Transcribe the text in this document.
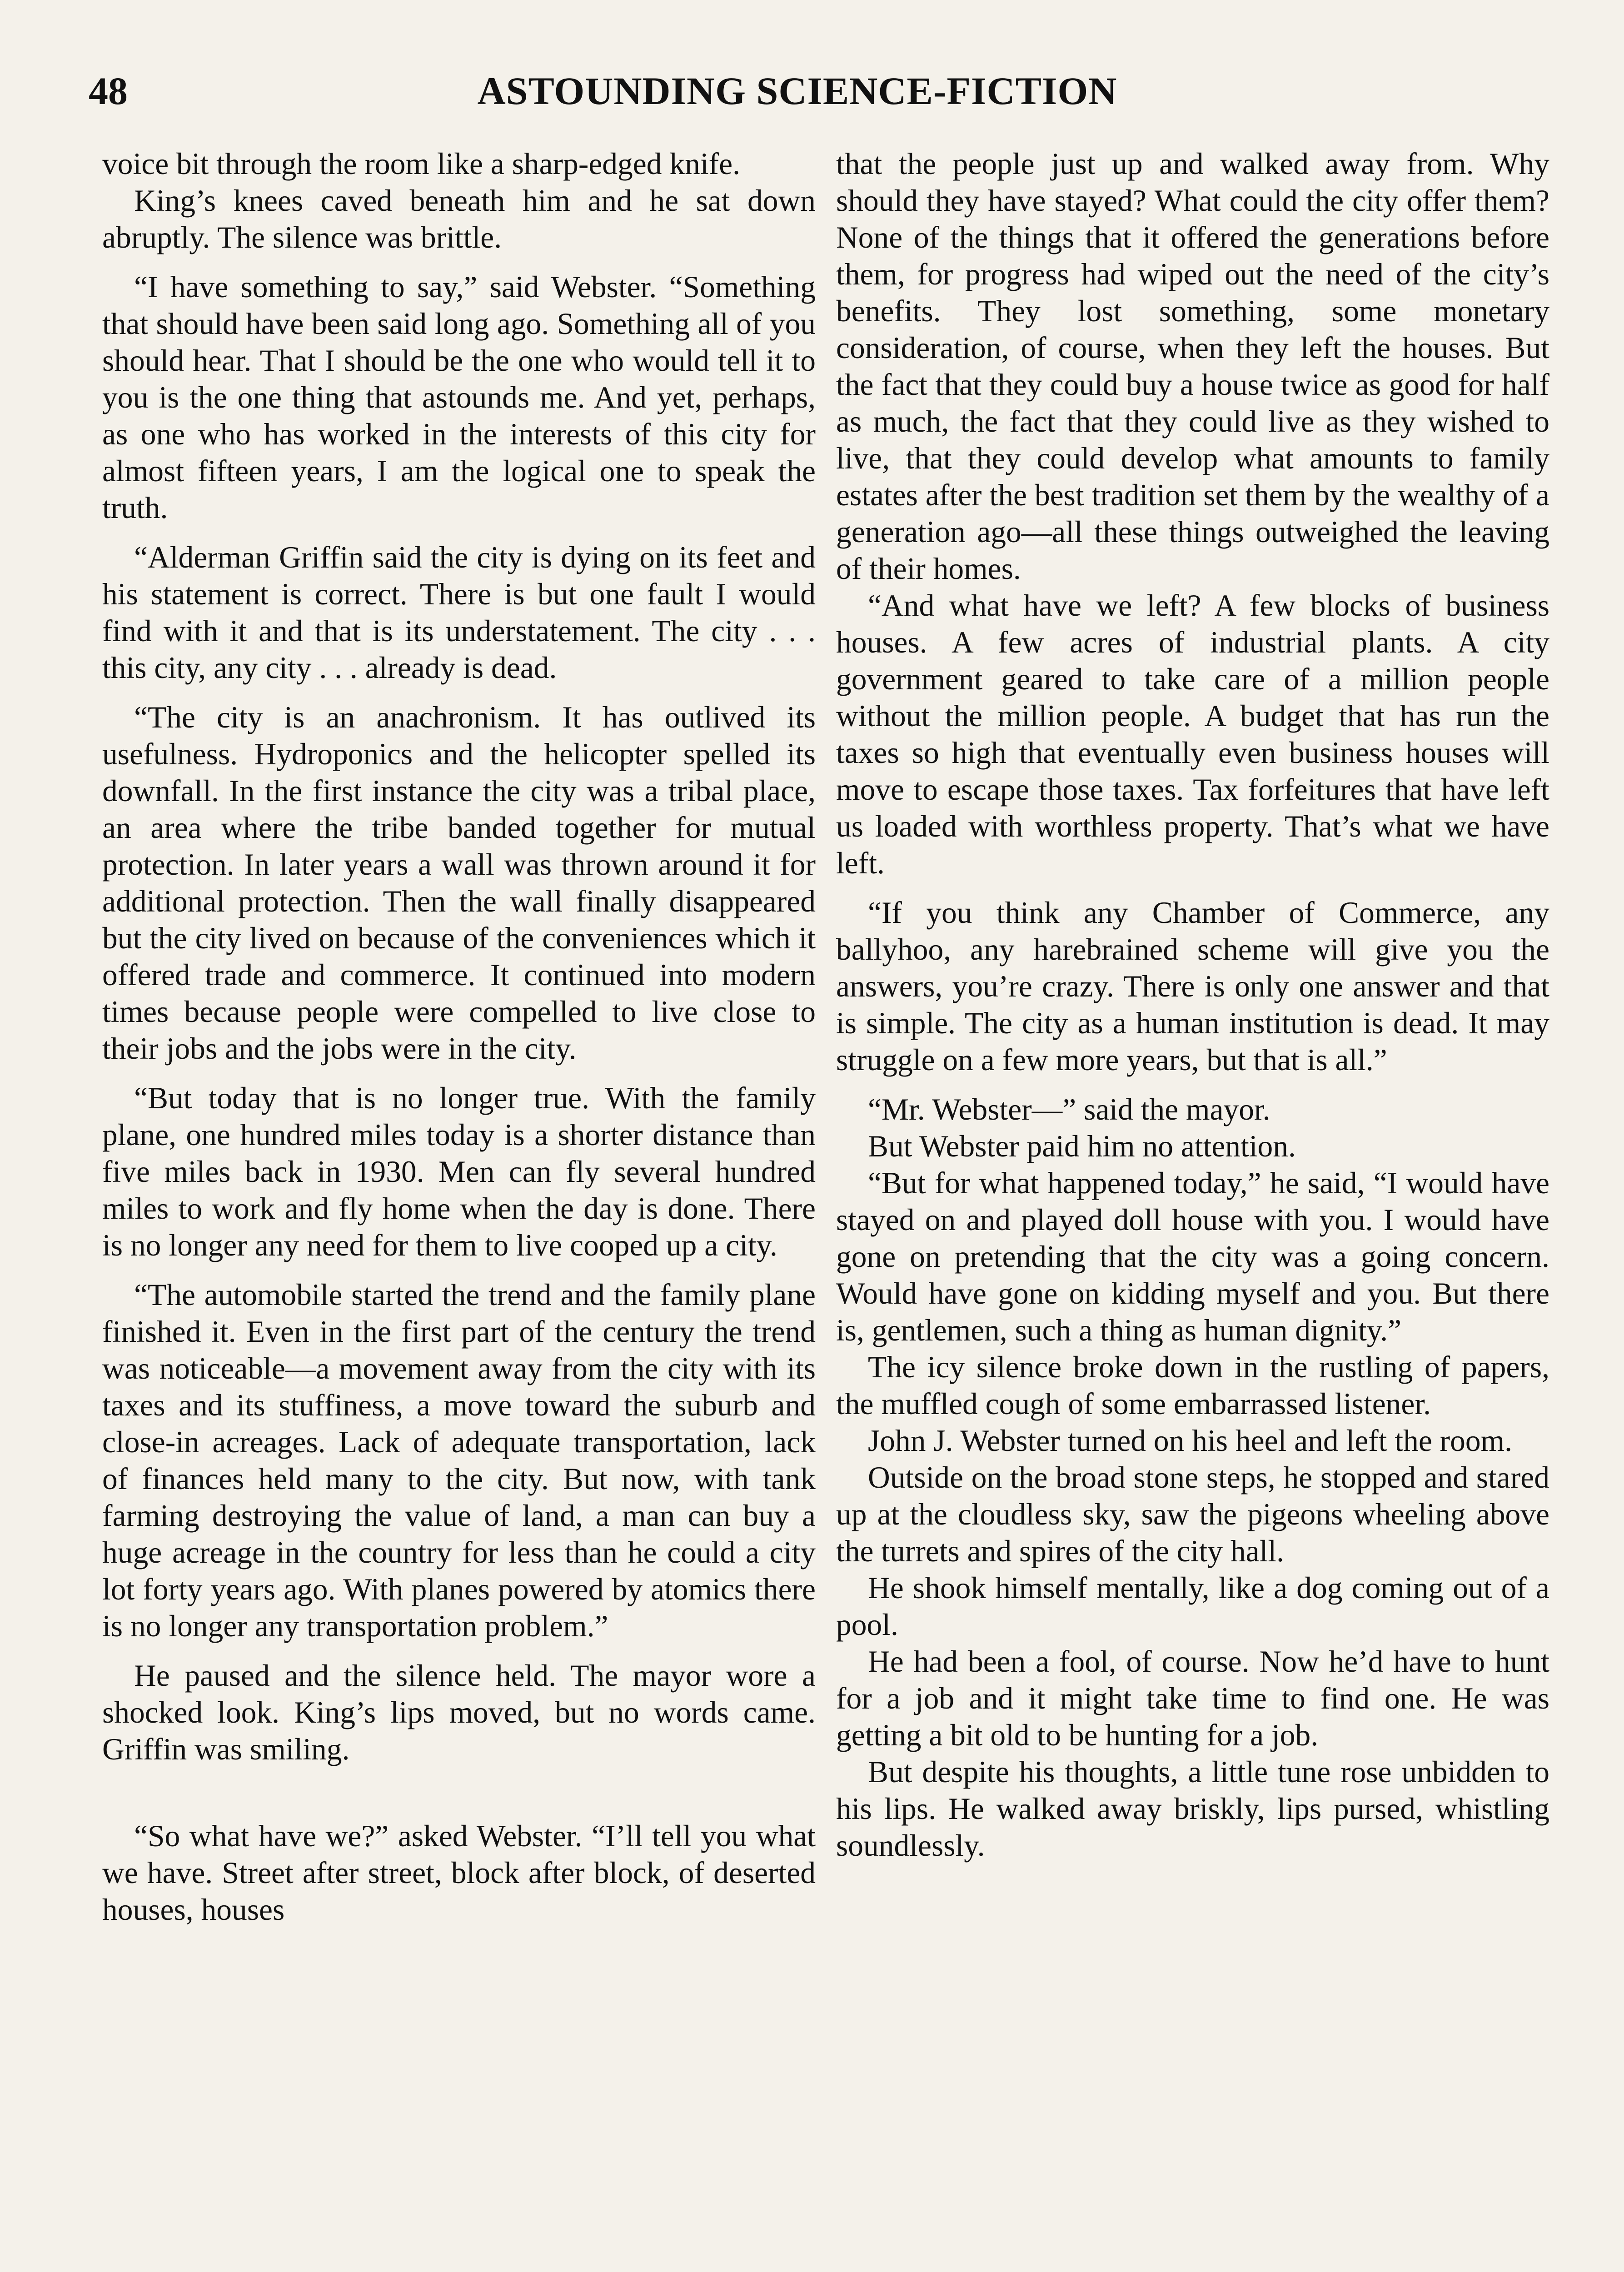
48	ASTOUNDING SCIENCE-FICTION

voice bit through the room like a sharp-edged knife.

King’s knees caved beneath him and he sat down abruptly. The silence was brittle.

“I have something to say,” said Webster. “Something that should have been said long ago. Something all of you should hear. That I should be the one who would tell it to you is the one thing that astounds me. And yet, perhaps, as one who has worked in the interests of this city for almost fifteen years, I am the logical one to speak the truth.

“Alderman Griffin said the city is dying on its feet and his statement is correct. There is but one fault I would find with it and that is its understatement. The city . . . this city, any city . . . already is dead.

“The city is an anachronism. It has outlived its usefulness. Hydroponics and the helicopter spelled its downfall. In the first instance the city was a tribal place, an area where the tribe banded together for mutual protection. In later years a wall was thrown around it for additional protection. Then the wall finally disappeared but the city lived on because of the conveniences which it offered trade and commerce. It continued into modern times because people were compelled to live close to their jobs and the jobs were in the city.

“But today that is no longer true. With the family plane, one hundred miles today is a shorter distance than five miles back in 1930. Men can fly several hundred miles to work and fly home when the day is done. There is no longer any need for them to live cooped up a city.

“The automobile started the trend and the family plane finished it. Even in the first part of the century the trend was noticeable—a movement away from the city with its taxes and its stuffiness, a move toward the suburb and close-in acreages. Lack of adequate transportation, lack of finances held many to the city. But now, with tank farming destroying the value of land, a man can buy a huge acreage in the country for less than he could a city lot forty years ago. With planes powered by atomics there is no longer any transportation problem.”

He paused and the silence held. The mayor wore a shocked look. King’s lips moved, but no words came. Griffin was smiling.

“So what have we?” asked Webster. “I’ll tell you what we have. Street after street, block after block, of deserted houses, houses

that the people just up and walked away from. Why should they have stayed? What could the city offer them? None of the things that it offered the generations before them, for progress had wiped out the need of the city’s benefits. They lost something, some monetary consideration, of course, when they left the houses. But the fact that they could buy a house twice as good for half as much, the fact that they could live as they wished to live, that they could develop what amounts to family estates after the best tradition set them by the wealthy of a generation ago—all these things outweighed the leaving of their homes.

“And what have we left? A few blocks of business houses. A few acres of industrial plants. A city government geared to take care of a million people without the million people. A budget that has run the taxes so high that eventually even business houses will move to escape those taxes. Tax forfeitures that have left us loaded with worthless property. That’s what we have left.

“If you think any Chamber of Commerce, any ballyhoo, any harebrained scheme will give you the answers, you’re crazy. There is only one answer and that is simple. The city as a human institution is dead. It may struggle on a few more years, but that is all.”

“Mr. Webster—” said the mayor.

But Webster paid him no attention.

“But for what happened today,” he said, “I would have stayed on and played doll house with you. I would have gone on pretending that the city was a going concern. Would have gone on kidding myself and you. But there is, gentlemen, such a thing as human dignity.”

The icy silence broke down in the rustling of papers, the muffled cough of some embarrassed listener.

John J. Webster turned on his heel and left the room.

Outside on the broad stone steps, he stopped and stared up at the cloudless sky, saw the pigeons wheeling above the turrets and spires of the city hall.

He shook himself mentally, like a dog coming out of a pool.

He had been a fool, of course. Now he’d have to hunt for a job and it might take time to find one. He was getting a bit old to be hunting for a job.

But despite his thoughts, a little tune rose unbidden to his lips. He walked away briskly, lips pursed, whistling soundlessly.
